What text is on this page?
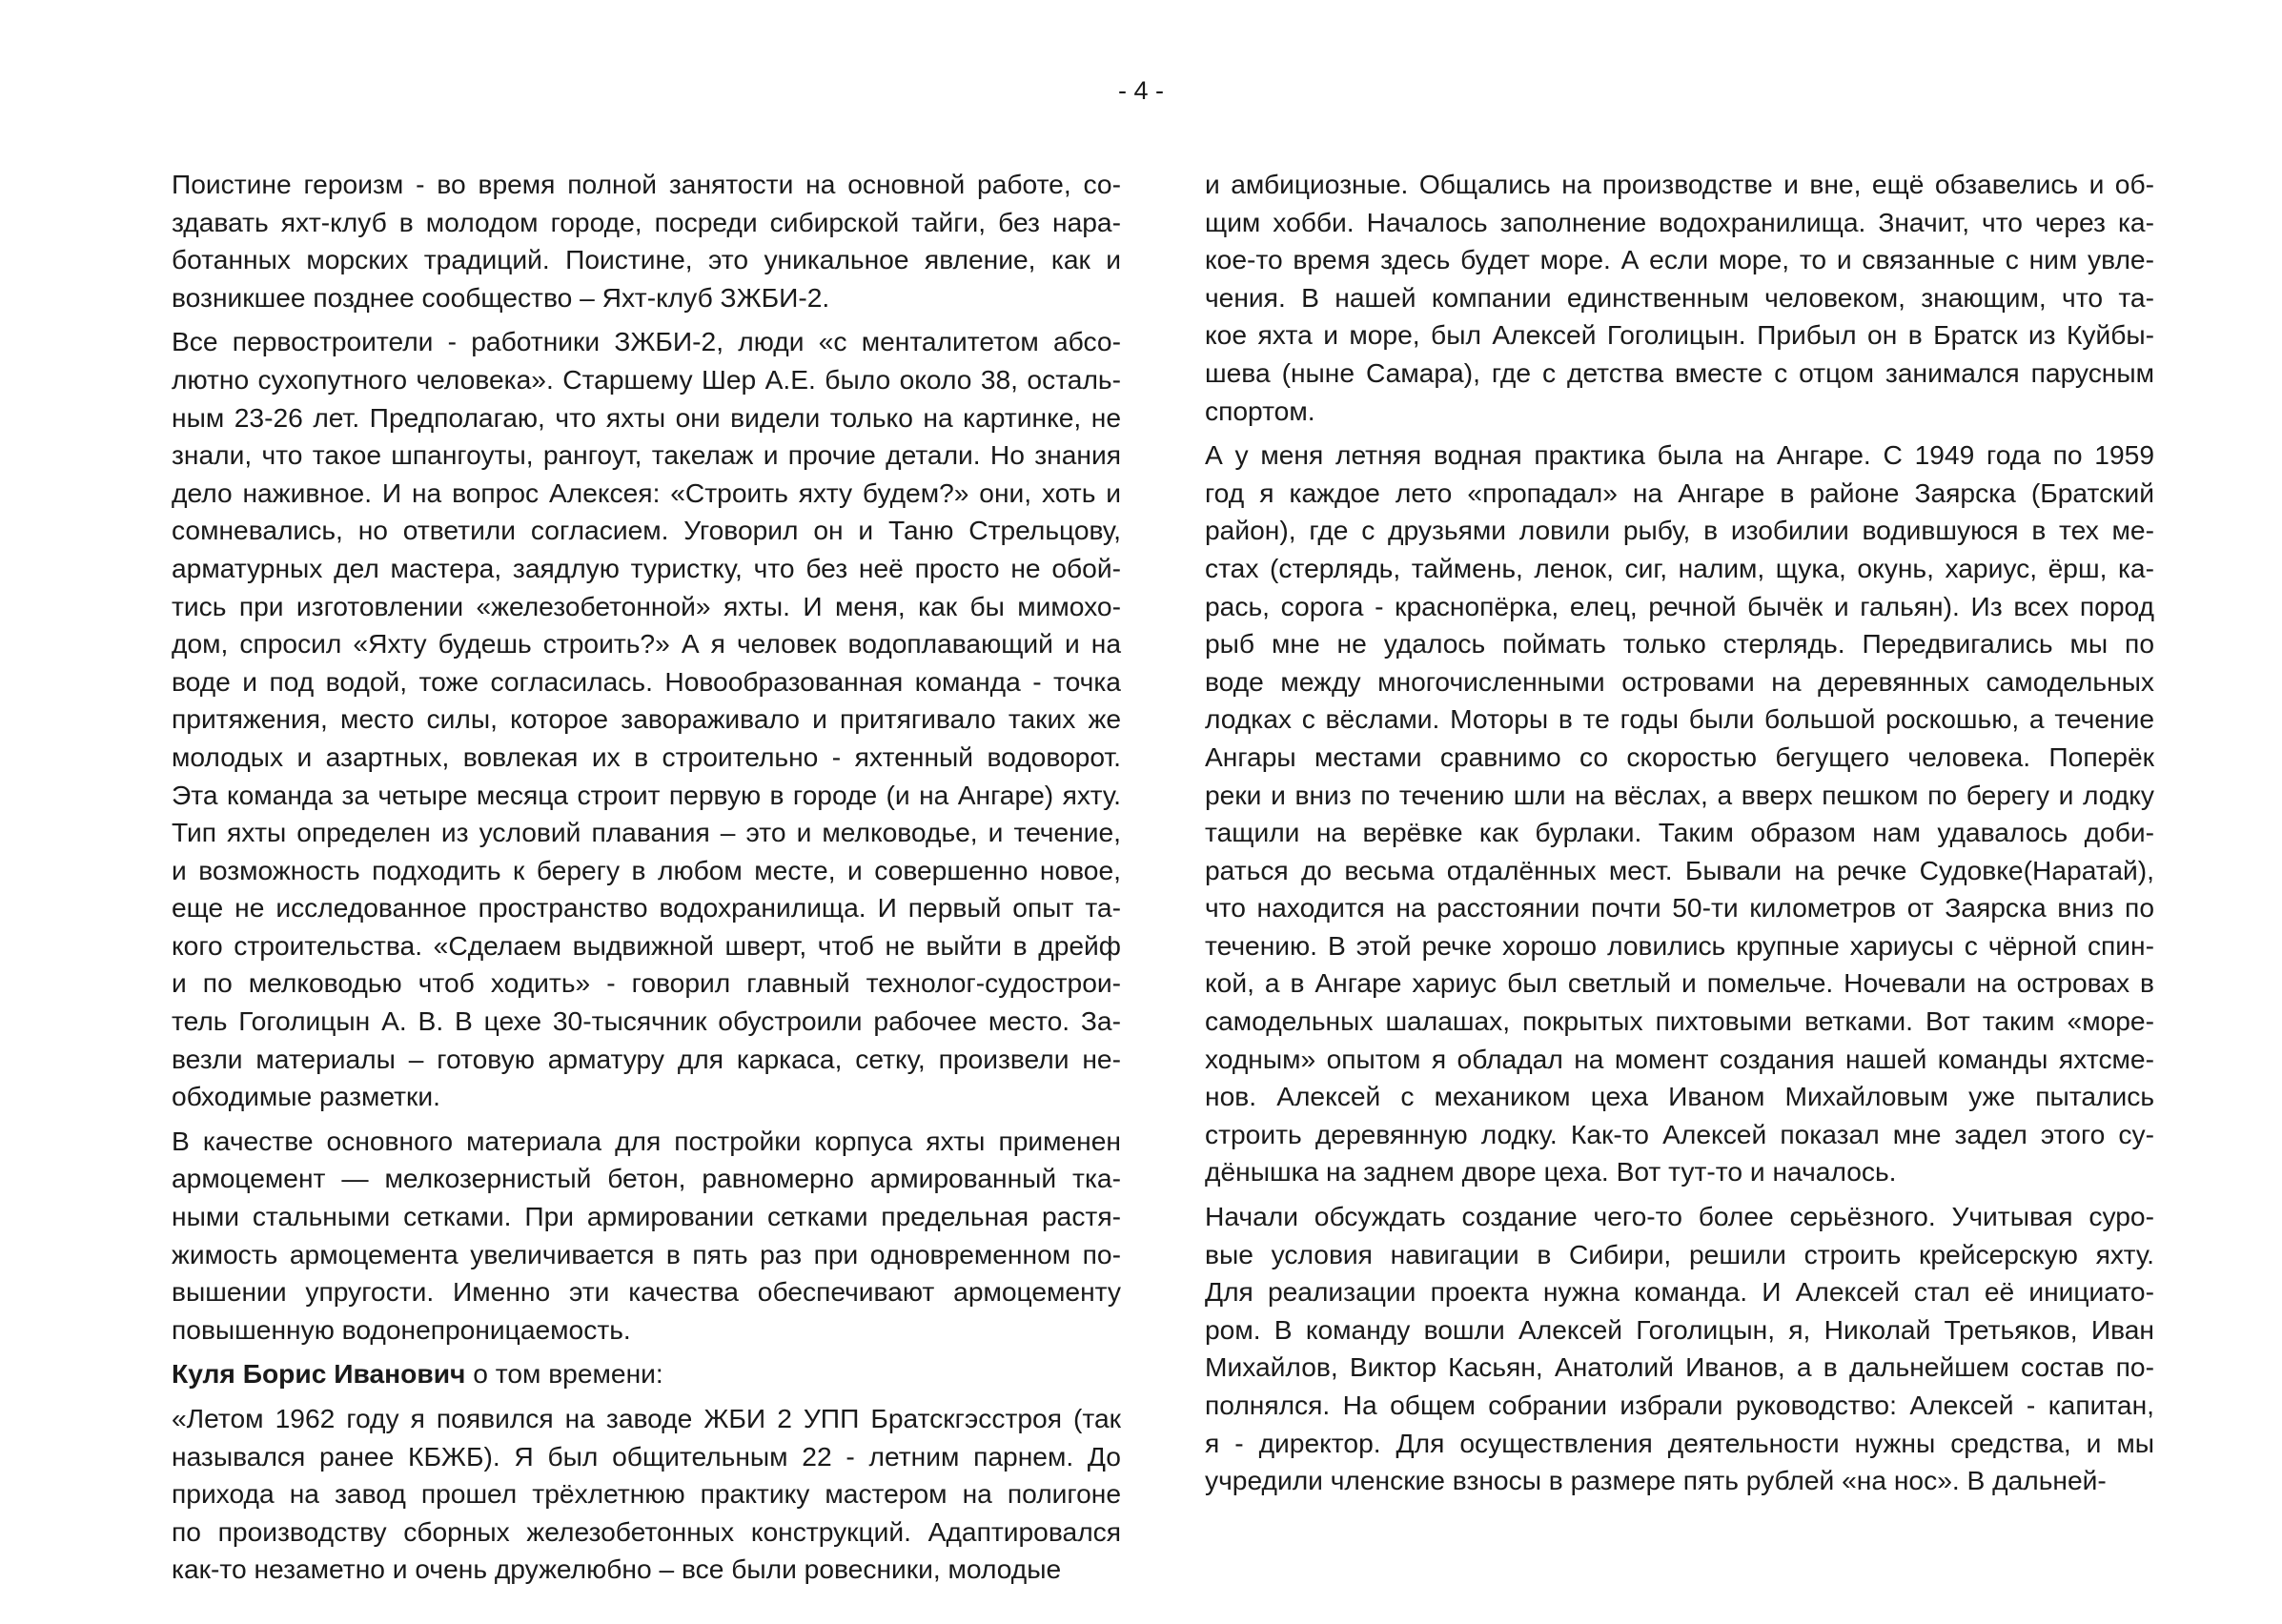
- 4 -
Поистине героизм - во время полной занятости на основной работе, со-
здавать яхт-клуб в молодом городе, посреди сибирской тайги, без нара-
ботанных морских традиций. Поистине, это уникальное явление, как и
возникшее позднее сообщество – Яхт-клуб ЗЖБИ-2.
Все первостроители - работники ЗЖБИ-2, люди «с менталитетом абсо-
лютно сухопутного человека». Старшему Шер А.Е. было около 38, осталь-
ным 23-26 лет. Предполагаю, что яхты они видели только на картинке, не
знали, что такое шпангоуты, рангоут, такелаж и прочие детали. Но знания
дело наживное. И на вопрос Алексея: «Строить яхту будем?» они, хоть и
сомневались, но ответили согласием. Уговорил он и Таню Стрельцову,
арматурных дел мастера, заядлую туристку, что без неё просто не обой-
тись при изготовлении «железобетонной» яхты. И меня, как бы мимохо-
дом, спросил «Яхту будешь строить?» А я человек водоплавающий и на
воде и под водой, тоже согласилась. Новообразованная команда - точка
притяжения, место силы, которое завораживало и притягивало таких же
молодых и азартных, вовлекая их в строительно - яхтенный водоворот.
Эта команда за четыре месяца строит первую в городе (и на Ангаре) яхту.
Тип яхты определен из условий плавания – это и мелководье, и течение,
и возможность подходить к берегу в любом месте, и совершенно новое,
еще не исследованное пространство водохранилища. И первый опыт та-
кого строительства. «Сделаем выдвижной шверт, чтоб не выйти в дрейф
и по мелководью чтоб ходить» - говорил главный технолог-судострои-
тель Гоголицын А. В. В цехе 30-тысячник обустроили рабочее место. За-
везли материалы – готовую арматуру для каркаса, сетку, произвели не-
обходимые разметки.
В качестве основного материала для постройки корпуса яхты применен
армоцемент — мелкозернистый бетон, равномерно армированный тка-
ными стальными сетками. При армировании сетками предельная растя-
жимость армоцемента увеличивается в пять раз при одновременном по-
вышении упругости. Именно эти качества обеспечивают армоцементу
повышенную водонепроницаемость.
Куля Борис Иванович о том времени:
«Летом 1962 году я появился на заводе ЖБИ 2 УПП Братскгэсстроя (так
назывался ранее КБЖБ). Я был общительным 22 - летним парнем. До
прихода на завод прошел трёхлетнюю практику мастером на полигоне
по производству сборных железобетонных конструкций. Адаптировался
как-то незаметно и очень дружелюбно – все были ровесники, молодые
и амбициозные. Общались на производстве и вне, ещё обзавелись и об-
щим хобби. Началось заполнение водохранилища. Значит, что через ка-
кое-то время здесь будет море. А если море, то и связанные с ним увле-
чения. В нашей компании единственным человеком, знающим, что та-
кое яхта и море, был Алексей Гоголицын. Прибыл он в Братск из Куйбы-
шева (ныне Самара), где с детства вместе с отцом занимался парусным
спортом.
А у меня летняя водная практика была на Ангаре. С 1949 года по 1959
год я каждое лето «пропадал» на Ангаре в районе Заярска (Братский
район), где с друзьями ловили рыбу, в изобилии водившуюся в тех ме-
стах (стерлядь, таймень, ленок, сиг, налим, щука, окунь, хариус, ёрш, ка-
рась, сорога - краснопёрка, елец, речной бычёк и гальян). Из всех пород
рыб мне не удалось поймать только стерлядь. Передвигались мы по
воде между многочисленными островами на деревянных самодельных
лодках с вёслами. Моторы в те годы были большой роскошью, а течение
Ангары местами сравнимо со скоростью бегущего человека. Поперёк
реки и вниз по течению шли на вёслах, а вверх пешком по берегу и лодку
тащили на верёвке как бурлаки. Таким образом нам удавалось доби-
раться до весьма отдалённых мест. Бывали на речке Судовке(Наратай),
что находится на расстоянии почти 50-ти километров от Заярска вниз по
течению. В этой речке хорошо ловились крупные хариусы с чёрной спин-
кой, а в Ангаре хариус был светлый и помельче. Ночевали на островах в
самодельных шалашах, покрытых пихтовыми ветками. Вот таким «море-
ходным» опытом я обладал на момент создания нашей команды яхтсме-
нов. Алексей с механиком цеха Иваном Михайловым уже пытались
строить деревянную лодку. Как-то Алексей показал мне задел этого су-
дёнышка на заднем дворе цеха. Вот тут-то и началось.
Начали обсуждать создание чего-то более серьёзного. Учитывая суро-
вые условия навигации в Сибири, решили строить крейсерскую яхту.
Для реализации проекта нужна команда. И Алексей стал её инициато-
ром. В команду вошли Алексей Гоголицын, я, Николай Третьяков, Иван
Михайлов, Виктор Касьян, Анатолий Иванов, а в дальнейшем состав по-
полнялся. На общем собрании избрали руководство: Алексей - капитан,
я - директор. Для осуществления деятельности нужны средства, и мы
учредили членские взносы в размере пять рублей «на нос». В дальней-
